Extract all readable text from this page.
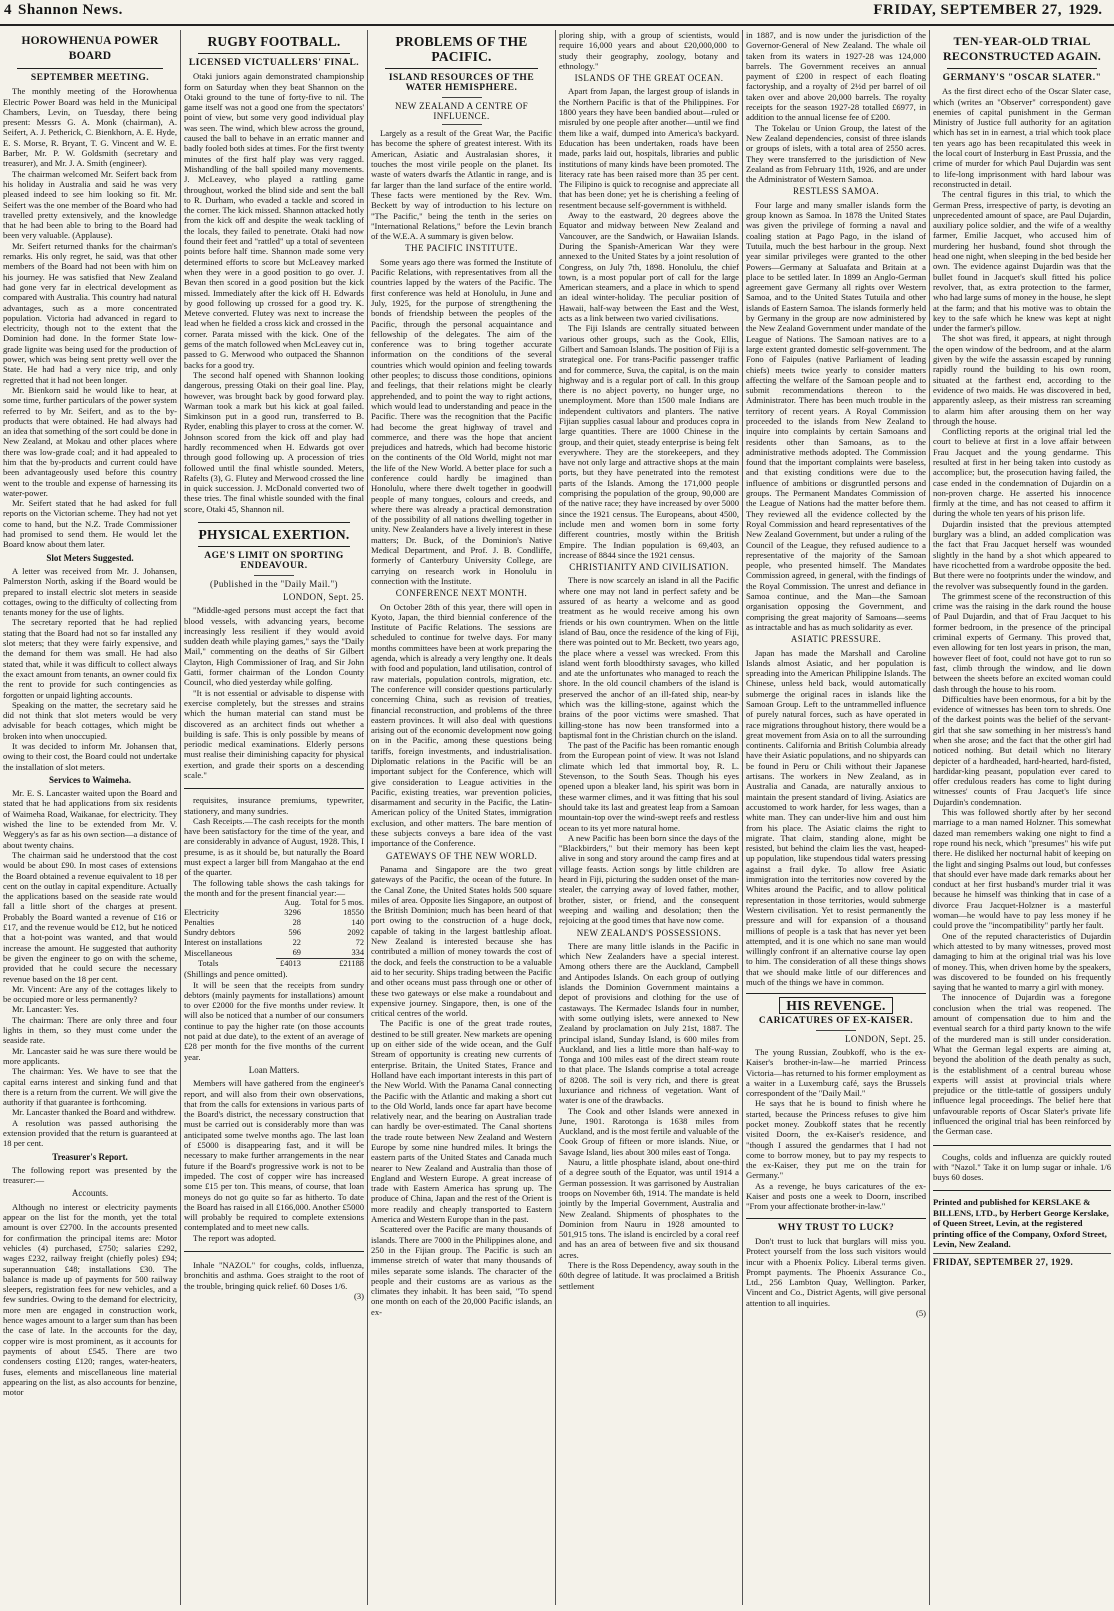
4 Shannon News.	FRIDAY, SEPTEMBER 27, 1929.
HOROWHENUA POWER BOARD
SEPTEMBER MEETING.

The monthly meeting of the Horowhenua Electric Power Board was held in the Municipal Chambers, Levin, on Tuesday, there being present: Messrs G. A. Monk (chairman), A. Seifert, A. J. Petherick, C. Bienkhorn, A. E. Hyde, E. S. Morse, R. Bryant, T. G. Vincent and W. E. Barber, Mr. P. W. Goldsmith (secretary and treasurer), and Mr. J. A. Smith (engineer).

The chairman welcomed Mr. Seifert back from his holiday in Australia and said he was very pleased indeed to see him looking so fit. Mr. Seifert was the one member of the Board who had travelled pretty extensively, and the knowledge that he had been able to bring to the Board had been very valuable. (Applause).

Mr. Seifert returned thanks for the chairman's remarks. His only regret, he said, was that other members of the Board had not been with him on his journey. He was satisfied that New Zealand had gone very far in electrical development as compared with Australia. This country had natural advantages, such as a more concentrated population. Victoria had advanced in regard to electricity, though not to the extent that the Dominion had done. In the former State low-grade lignite was being used for the production of power, which was being sent pretty well over the State. He had had a very nice trip, and only regretted that it had not been longer.

Mr. Bienkorn said he would like to hear, at some time, further particulars of the power system referred to by Mr. Seifert, and as to the by-products that were obtained. He had always had an idea that something of the sort could be done in New Zealand, at Mokau and other places where there was low-grade coal; and it had appealed to him that the by-products and current could have been advantageously used before this country went to the trouble and expense of harnessing its water-power.

Mr. Seifert stated that he had asked for full reports on the Victorian scheme. They had not yet come to hand, but the N.Z. Trade Commissioner had promised to send them. He would let the Board know about them later.

Slot Meters Suggested.

A letter was received from Mr. J. Johansen, Palmerston North, asking if the Board would be prepared to install electric slot meters in seaside cottages, owing to the difficulty of collecting from tenants money for the use of lights.

The secretary reported that he had replied stating that the Board had not so far installed any slot meters; that they were fairly expensive, and the demand for them was small. He had also stated that, while it was difficult to collect always the exact amount from tenants, an owner could fix the rent to provide for such contingencies as forgotten or unpaid lighting accounts.

Speaking on the matter, the secretary said he did not think that slot meters would be very advisable for beach cottages, which might be broken into when unoccupied.

It was decided to inform Mr. Johansen that, owing to their cost, the Board could not undertake the installation of slot meters.

Services to Waimeha.

Mr. E. S. Lancaster waited upon the Board and stated that he had applications from six residents of Waimeha Road, Waikanae, for electricity. They wished the line to be extended from Mr. V. Weggery's as far as his own section—a distance of about twenty chains.

The chairman said he understood that the cost would be about £90. In most cases of extensions the Board obtained a revenue equivalent to 18 per cent on the outlay in capital expenditure. Actually the applications based on the seaside rate would fall a little short of the charges at present. Probably the Board wanted a revenue of £16 or £17, and the revenue would be £12, but he noticed that a hot-point was wanted, and that would increase the amount. He suggested that authority be given the engineer to go on with the scheme, provided that he could secure the necessary revenue based on the 18 per cent.

Mr. Vincent: Are any of the cottages likely to be occupied more or less permanently?

Mr. Lancaster: Yes.

The chairman: There are only three and four lights in them, so they must come under the seaside rate.

Mr. Lancaster said he was sure there would be more applicants.

The chairman: Yes. We have to see that the capital earns interest and sinking fund and that there is a return from the current. We will give the authority if that guarantee is forthcoming.

Mr. Lancaster thanked the Board and withdrew.

A resolution was passed authorising the extension provided that the return is guaranteed at 18 per cent.

Treasurer's Report.

The following report was presented by the treasurer:—

Accounts.

Although no interest or electricity payments appear on the list for the month, yet the total amount is over £2700. In the accounts presented for confirmation the principal items are: Motor vehicles (4) purchased, £750; salaries £292, wages £232, railway freight (chiefly poles) £94; superannuation £48; installations £30. The balance is made up of payments for 500 railway sleepers, registration fees for new vehicles, and a few sundries. Owing to the demand for electricity, more men are engaged in construction work, hence wages amount to a larger sum than has been the case of late. In the accounts for the day, copper wire is most prominent, as it accounts for payments of about £545. There are two condensers costing £120; ranges, water-heaters, fuses, elements and miscellaneous line material appearing on the list, as also accounts for benzine, motor

RUGBY FOOTBALL.
LICENSED VICTUALLERS' FINAL.

Otaki juniors again demonstrated championship form on Saturday when they beat Shannon on the Otaki ground to the tune of forty-five to nil. The game itself was not a good one from the spectators' point of view, but some very good individual play was seen. The wind, which blew across the ground, caused the ball to behave in an erratic manner and badly fooled both sides at times. For the first twenty minutes of the first half play was very ragged. Mishandling of the ball spoiled many movements. J. McLeavey, who played a rattling game throughout, worked the blind side and sent the ball to R. Durham, who evaded a tackle and scored in the corner. The kick missed. Shannon attacked hotly from the kick off and despite the weak tackling of the locals, they failed to penetrate. Otaki had now found their feet and "rattled" up a total of seventeen points before half time. Shannon made some very determined efforts to score but McLeavey marked when they were in a good position to go over. J. Bevan then scored in a good position but the kick missed. Immediately after the kick off H. Edwards by good following up crossed for a good try. K. Meteve converted. Flutey was next to increase the lead when he fielded a cross kick and crossed in the corner. Parata missed with the kick. One of the gems of the match followed when McLeavey cut in, passed to G. Merwood who outpaced the Shannon backs for a good try.

The second half opened with Shannon looking dangerous, pressing Otaki on their goal line. Play, however, was brought back by good forward play. Warman took a mark but his kick at goal failed. Simkinson put in a good run, transferred to B. Ryder, enabling this player to cross at the corner. W. Johnson scored from the kick off and play had hardly recommenced when H. Edwards got over through good following up. A procession of tries followed until the final whistle sounded. Meters, Rafelts (3), G. Flutey and Merwood crossed the line in quick succession. J. McDonald converted two of these tries. The final whistle sounded with the final score, Otaki 45, Shannon nil.

PHYSICAL EXERTION.
AGE'S LIMIT ON SPORTING ENDEAVOUR.
(Published in the "Daily Mail.")
LONDON, Sept. 25.

"Middle-aged persons must accept the fact that blood vessels, with advancing years, become increasingly less resilient if they would avoid sudden death while playing games," says the "Daily Mail," commenting on the deaths of Sir Gilbert Clayton, High Commissioner of Iraq, and Sir John Gatti, former chairman of the London County Council, who died yesterday while golfing.

"It is not essential or advisable to dispense with exercise completely, but the stresses and strains which the human material can stand must be discovered as an architect finds out whether a building is safe. This is only possible by means of periodic medical examinations. Elderly persons must realise their diminishing capacity for physical exertion, and grade their sports on a descending scale."

requisites, insurance premiums, typewriter, stationery, and many sundries.

Cash Receipts.—The cash receipts for the month have been satisfactory for the time of the year, and are considerably in advance of August, 1928. This, I presume, is as it should be, but naturally the Board must expect a larger bill from Mangahao at the end of the quarter.

The following table shows the cash takings for the month and for the present financial year:—

	Aug.	Total for 5 mos.
Electricity	3296	18550
Penalties	28	140
Sundry debtors	596	2092
Interest on installations	22	72
Miscellaneous	69	334
Totals	£4013	£21188
(Shillings and pence omitted).

It will be seen that the receipts from sundry debtors (mainly payments for installations) amount to over £2000 for the five months under review. It will also be noticed that a number of our consumers continue to pay the higher rate (on those accounts not paid at due date), to the extent of an average of £28 per month for the five months of the current year.

Loan Matters.

Members will have gathered from the engineer's report, and will also from their own observations, that from the calls for extensions in various parts of the Board's district, the necessary construction that must be carried out is considerably more than was anticipated some twelve months ago. The last loan of £5000 is disappearing fast, and it will be necessary to make further arrangements in the near future if the Board's progressive work is not to be impeded. The cost of copper wire has increased some £15 per ton. This means, of course, that loan moneys do not go quite so far as hitherto. To date the Board has raised in all £166,000. Another £5000 will probably be required to complete extensions contemplated and to meet new calls.

The report was adopted.

Inhale "NAZOL" for coughs, colds, influenza, bronchitis and asthma. Goes straight to the root of the trouble, bringing quick relief. 60 Doses 1/6.

(3)
PROBLEMS OF THE PACIFIC.
ISLAND RESOURCES OF THE WATER HEMISPHERE.
NEW ZEALAND A CENTRE OF INFLUENCE.

Largely as a result of the Great War, the Pacific has become the sphere of greatest interest. With its American, Asiatic and Australasian shores, it touches the most virile people on the planet. Its waste of waters dwarfs the Atlantic in range, and is far larger than the land surface of the entire world. These facts were mentioned by the Rev. Wm. Beckett by way of introduction to his lecture on "The Pacific," being the tenth in the series on "International Relations," before the Levin branch of the W.E.A. A summary is given below.

THE PACIFIC INSTITUTE.

Some years ago there was formed the Institute of Pacific Relations, with representatives from all the countries lapped by the waters of the Pacific. The first conference was held at Honolulu, in June and July, 1925, for the purpose of strengthening the bonds of friendship between the peoples of the Pacific, through the personal acquaintance and fellowship of the delegates. The aim of the conference was to bring together accurate information on the conditions of the several countries which would opinion and feeling towards other peoples; to discuss those conditions, opinions and feelings, that their relations might be clearly apprehended, and to point the way to right actions, which would lead to understanding and peace in the Pacific. There was the recognition that the Pacific had become the great highway of travel and commerce, and there was the hope that ancient prejudices and hatreds, which had become historic on the continents of the Old World, might not mar the life of the New World. A better place for such a conference could hardly be imagined than Honolulu, where there dwelt together in goodwill people of many tongues, colours and creeds, and where there was already a practical demonstration of the possibility of all nations dwelling together in unity. New Zealanders have a lively interest in these matters; Dr. Buck, of the Dominion's Native Medical Department, and Prof. J. B. Condliffe, formerly of Canterbury University College, are carrying on research work in Honolulu in connection with the Institute.

CONFERENCE NEXT MONTH.

On October 28th of this year, there will open in Kyoto, Japan, the third biennial conference of the Institute of Pacific Relations. The sessions are scheduled to continue for twelve days. For many months committees have been at work preparing the agenda, which is already a very lengthy one. It deals with food and population, land utilisation, control of raw materials, population controls, migration, etc. The conference will consider questions particularly concerning China, such as revision of treaties, financial reconstruction, and problems of the three eastern provinces. It will also deal with questions arising out of the economic development now going on in the Pacific, among these questions being tariffs, foreign investments, and industrialisation. Diplomatic relations in the Pacific will be an important subject for the Conference, which will give consideration to League activities in the Pacific, existing treaties, war prevention policies, disarmament and security in the Pacific, the Latin-American policy of the United States, immigration exclusion, and other matters. The bare mention of these subjects conveys a bare idea of the vast importance of the Conference.

GATEWAYS OF THE NEW WORLD.

Panama and Singapore are the two great gateways of the Pacific, the ocean of the future. In the Canal Zone, the United States holds 500 square miles of area. Opposite lies Singapore, an outpost of the British Dominion; much has been heard of that port owing to the construction of a huge dock, capable of taking in the largest battleship afloat. New Zealand is interested because she has contributed a million of money towards the cost of the dock, and feels the construction to be a valuable aid to her security. Ships trading between the Pacific and other oceans must pass through one or other of these two gateways or else make a roundabout and expensive journey. Singapore, then, is one of the critical centres of the world.

The Pacific is one of the great trade routes, destined to be still greater. New markets are opening up on either side of the wide ocean, and the Gulf Stream of opportunity is creating new currents of enterprise. Britain, the United States, France and Holland have each important interests in this part of the New World. With the Panama Canal connecting the Pacific with the Atlantic and making a short cut to the Old World, lands once far apart have become relatively near, and the bearing on Australian trade can hardly be over-estimated. The Canal shortens the trade route between New Zealand and Western Europe by some nine hundred miles. It brings the eastern parts of the United States and Canada much nearer to New Zealand and Australia than those of England and Western Europe. A great increase of trade with Eastern America has sprung up. The produce of China, Japan and the rest of the Orient is more readily and cheaply transported to Eastern America and Western Europe than in the past.

Scattered over the Pacific are many thousands of islands. There are 7000 in the Philippines alone, and 250 in the Fijian group. The Pacific is such an immense stretch of water that many thousands of miles separate some islands. The character of the people and their customs are as various as the climates they inhabit. It has been said, "To spend one month on each of the 20,000 Pacific islands, an ex-

ploring ship, with a group of scientists, would require 16,000 years and about £20,000,000 to study their geography, zoology, botany and ethnology."

ISLANDS OF THE GREAT OCEAN.

Apart from Japan, the largest group of islands in the Northern Pacific is that of the Philippines. For 1800 years they have been bandied about—ruled or misruled by one people after another—until we find them like a waif, dumped into America's backyard. Education has been undertaken, roads have been made, parks laid out, hospitals, libraries and public institutions of many kinds have been promoted. The literacy rate has been raised more than 35 per cent. The Filipino is quick to recognise and appreciate all that has been done; yet he is cherishing a feeling of resentment because self-government is withheld.

Away to the eastward, 20 degrees above the Equator and midway between New Zealand and Vancouver, are the Sandwich, or Hawaiian Islands. During the Spanish-American War they were annexed to the United States by a joint resolution of Congress, on July 7th, 1898. Honolulu, the chief town, is a most popular port of call for the large American steamers, and a place in which to spend an ideal winter-holiday. The peculiar position of Hawaii, half-way between the East and the West, acts as a link between two varied civilisations.

The Fiji Islands are centrally situated between various other groups, such as the Cook, Ellis, Gilbert and Samoan Islands. The position of Fiji is a strategical one. For trans-Pacific passenger traffic and for commerce, Suva, the capital, is on the main highway and is a regular port of call. In this group there is no abject poverty, no hunger urge, no unemployment. More than 1500 male Indians are independent cultivators and planters. The native Fijian supplies casual labour and produces copra in large quantities. There are 1000 Chinese in the group, and their quiet, steady enterprise is being felt everywhere. They are the storekeepers, and they have not only large and attractive shops at the main ports, but they have penetrated into the remotest parts of the Islands. Among the 171,000 people comprising the population of the group, 90,000 are of the native race; they have increased by over 5000 since the 1921 census. The Europeans, about 4500, include men and women born in some forty different countries, mostly within the British Empire. The Indian population is 69,403, an increase of 8844 since the 1921 census.

CHRISTIANITY AND CIVILISATION.

There is now scarcely an island in all the Pacific where one may not land in perfect safety and be assured of as hearty a welcome and as good treatment as he would receive among his own friends or his own countrymen. When on the little island of Bau, once the residence of the king of Fiji, there was pointed out to Mr. Beckett, two years ago, the place where a vessel was wrecked. From this island went forth bloodthirsty savages, who killed and ate the unfortunates who managed to reach the shore. In the old council chambers of the island is preserved the anchor of an ill-fated ship, near-by which was the killing-stone, against which the brains of the poor victims were smashed. That killing-stone has now been transformed into a baptismal font in the Christian church on the island.

The past of the Pacific has been romantic enough from the European point of view. It was not Island climate which led that immortal boy, R. L. Stevenson, to the South Seas. Though his eyes opened upon a bleaker land, his spirit was born in these warmer climes, and it was fitting that his soul should take its last and greatest leap from a Samoan mountain-top over the wind-swept reefs and restless ocean to its yet more natural home.

A new Pacific has been born since the days of the "Blackbirders," but their memory has been kept alive in song and story around the camp fires and at village feasts. Action songs by little children are heard in Fiji, picturing the sudden onset of the man-stealer, the carrying away of loved father, mother, brother, sister, or friend, and the consequent weeping and wailing and desolation; then the rejoicing at the good times that have now come.

NEW ZEALAND'S POSSESSIONS.

There are many little islands in the Pacific in which New Zealanders have a special interest. Among others there are the Auckland, Campbell and Antipodes Islands. On each group of outlying islands the Dominion Government maintains a depot of provisions and clothing for the use of castaways. The Kermadec Islands four in number, with some outlying islets, were annexed to New Zealand by proclamation on July 21st, 1887. The principal island, Sunday Island, is 600 miles from Auckland, and lies a little more than half-way to Tonga and 100 miles east of the direct steam route to that place. The Islands comprise a total acreage of 8208. The soil is very rich, and there is great luxuriance and richness of vegetation. Want of water is one of the drawbacks.

The Cook and other Islands were annexed in June, 1901. Rarotonga is 1638 miles from Auckland, and is the most fertile and valuable of the Cook Group of fifteen or more islands. Niue, or Savage Island, lies about 300 miles east of Tonga.

Nauru, a little phosphate island, about one-third of a degree south of the Equator, was until 1914 a German possession. It was garrisoned by Australian troops on November 6th, 1914. The mandate is held jointly by the Imperial Government, Australia and New Zealand. Shipments of phosphates to the Dominion from Nauru in 1928 amounted to 501,915 tons. The island is encircled by a coral reef and has an area of between five and six thousand acres.

There is the Ross Dependency, away south in the 60th degree of latitude. It was proclaimed a British settlement

in 1887, and is now under the jurisdiction of the Governor-General of New Zealand. The whale oil taken from its waters in 1927-28 was 124,000 barrels. The Government receives an annual payment of £200 in respect of each floating factoryship, and a royalty of 2½d per barrel of oil taken over and above 20,000 barrels. The royalty receipts for the season 1927-28 totalled £6977, in addition to the annual license fee of £200.

The Tokelau or Union Group, the latest of the New Zealand dependencies, consist of three islands or groups of islets, with a total area of 2550 acres. They were transferred to the jurisdiction of New Zealand as from February 11th, 1926, and are under the Administrator of Western Samoa.

RESTLESS SAMOA.

Four large and many smaller islands form the group known as Samoa. In 1878 the United States was given the privilege of forming a naval and coaling station at Pago Pago, in the island of Tutuila, much the best harbour in the group. Next year similar privileges were granted to the other Powers—Germany at Saluafata and Britain at a place to be settled later. In 1899 an Anglo-German agreement gave Germany all rights over Western Samoa, and to the United States Tutuila and other islands of Eastern Samoa. The islands formerly held by Germany in the group are now administered by the New Zealand Government under mandate of the League of Nations. The Samoan natives are to a large extent granted domestic self-government. The Fono of Faipules (native Parliament of leading chiefs) meets twice yearly to consider matters affecting the welfare of the Samoan people and to submit recommendations thereon to the Administrator. There has been much trouble in the territory of recent years. A Royal Commission proceeded to the islands from New Zealand to inquire into complaints by certain Samoans and residents other than Samoans, as to the administrative methods adopted. The Commission found that the important complaints were baseless, and that existing conditions were due to the influence of ambitions or disgruntled persons and groups. The Permanent Mandates Commission of the League of Nations had the matter before them. They reviewed all the evidence collected by the Royal Commission and heard representatives of the New Zealand Government, but under a ruling of the Council of the League, they refused audience to a representative of the majority of the Samoan people, who presented himself. The Mandates Commission agreed, in general, with the findings of the Royal Commission. The unrest and defiance in Samoa continue, and the Man—the Samoan organisation opposing the Government, and comprising the great majority of Samoans—seems as intractable and has as much solidarity as ever.

ASIATIC PRESSURE.

Japan has made the Marshall and Caroline Islands almost Asiatic, and her population is spreading into the American Philippine Islands. The Chinese, unless held back, would automatically submerge the original races in islands like the Samoan Group. Left to the untrammelled influence of purely natural forces, such as have operated in race migrations throughout history, there would be a great movement from Asia on to all the surrounding continents. California and British Columbia already have their Asiatic populations, and no shipyards can be found in Peru or Chili without their Japanese artisans. The workers in New Zealand, as in Australia and Canada, are naturally anxious to maintain the present standard of living. Asiatics are accustomed to work harder, for less wages, than a white man. They can under-live him and oust him from his place. The Asiatic claims the right to migrate. That claim, standing alone, might be resisted, but behind the claim lies the vast, heaped-up population, like stupendous tidal waters pressing against a frail dyke. To allow free Asiatic immigration into the territories now covered by the Whites around the Pacific, and to allow political representation in those territories, would submerge Western civilisation. Yet to resist permanently the pressure and will for expansion of a thousand millions of people is a task that has never yet been attempted, and it is one which no sane man would willingly confront if an alternative course lay open to him. The consideration of all these things shows that we should make little of our differences and much of the things we have in common.

HIS REVENGE.
CARICATURES OF EX-KAISER.
LONDON, Sept. 25.

The young Russian, Zoubkoff, who is the ex-Kaiser's brother-in-law—he married Princess Victoria—has returned to his former employment as a waiter in a Luxemburg café, says the Brussels correspondent of the "Daily Mail."

He says that he is bound to finish where he started, because the Princess refuses to give him pocket money. Zoubkoff states that he recently visited Doorn, the ex-Kaiser's residence, and "though I assured the gendarmes that I had not come to borrow money, but to pay my respects to the ex-Kaiser, they put me on the train for Germany."

As a revenge, he buys caricatures of the ex-Kaiser and posts one a week to Doorn, inscribed "From your affectionate brother-in-law."

WHY TRUST TO LUCK?

Don't trust to luck that burglars will miss you. Protect yourself from the loss such visitors would incur with a Phoenix Policy. Liberal terms given. Prompt payments. The Phoenix Assurance Co., Ltd., 256 Lambton Quay, Wellington. Parker, Vincent and Co., District Agents, will give personal attention to all inquiries.

(5)
TEN-YEAR-OLD TRIAL RECONSTRUCTED AGAIN.
GERMANY'S "OSCAR SLATER."

As the first direct echo of the Oscar Slater case, which (writes an "Observer" correspondent) gave enemies of capital punishment in the German Ministry of Justice full authority for an agitation which has set in in earnest, a trial which took place ten years ago has been recapitulated this week in the local court of Insterburg in East Prussia, and the crime of murder for which Paul Dujardin was sent to life-long imprisonment with hard labour was reconstructed in detail.

The central figures in this trial, to which the German Press, irrespective of party, is devoting an unprecedented amount of space, are Paul Dujardin, auxiliary police soldier, and the wife of a wealthy farmer, Emilie Jacquet, who accused him of murdering her husband, found shot through the head one night, when sleeping in the bed beside her own. The evidence against Dujardin was that the bullet found in Jacquet's skull fitted his police revolver, that, as extra protection to the farmer, who had large sums of money in the house, he slept at the farm; and that his motive was to obtain the key to the safe which he knew was kept at night under the farmer's pillow.

The shot was fired, it appears, at night through the open window of the bedroom, and at the alarm given by the wife the assassin escaped by running rapidly round the building to his own room, situated at the farthest end, according to the evidence of two maids. He was discovered in bed, apparently asleep, as their mistress ran screaming to alarm him after arousing them on her way through the house.

Conflicting reports at the original trial led the court to believe at first in a love affair between Frau Jacquet and the young gendarme. This resulted at first in her being taken into custody as accomplice; but, the prosecution having failed, the case ended in the condemnation of Dujardin on a non-proven charge. He asserted his innocence firmly at the time, and has not ceased to affirm it during the whole ten years of his prison life.

Dujardin insisted that the previous attempted burglary was a blind, an added complication was the fact that Frau Jacquet herself was wounded slightly in the hand by a shot which appeared to have ricochetted from a wardrobe opposite the bed. But there were no footprints under the window, and the revolver was subsequently found in the garden.

The grimmest scene of the reconstruction of this crime was the raising in the dark round the house of Paul Dujardin, and that of Frau Jacquet to his former bedroom, in the presence of the principal criminal experts of Germany. This proved that, even allowing for ten lost years in prison, the man, however fleet of foot, could not have got to run so fast, climb through the window, and lie down between the sheets before an excited woman could dash through the house to his room.

Difficulties have been enormous, for a bit by the evidence of witnesses has been torn to shreds. One of the darkest points was the belief of the servant-girl that she saw something in her mistress's hand when she arose; and the fact that the other girl had noticed nothing. But detail which no literary depicter of a hardheaded, hard-hearted, hard-fisted, hardidar-king peasant, population ever cared to offer credulous readers has come to light during witnesses' counts of Frau Jacquet's life since Dujardin's condemnation.

This was followed shortly after by her second marriage to a man named Holzner. This somewhat dazed man remembers waking one night to find a rope round his neck, which "presumes" his wife put there. He disliked her nocturnal habit of keeping on the light and singing Psalms out loud, but confesses that should ever have made dark remarks about her conduct at her first husband's murder trial it was because he himself was thinking that in case of a divorce Frau Jacquet-Holzner is a masterful woman—he would have to pay less money if he could prove the "incompatibility" partly her fault.

One of the reputed characteristics of Dujardin which attested to by many witnesses, proved most damaging to him at the original trial was his love of money. This, when driven home by the speakers, was discovered to be founded on his frequently saying that he wanted to marry a girl with money.

The innocence of Dujardin was a foregone conclusion when the trial was reopened. The amount of compensation due to him and the eventual search for a third party known to the wife of the murdered man is still under consideration. What the German legal experts are aiming at, beyond the abolition of the death penalty as such, is the establishment of a central bureau whose experts will assist at provincial trials where prejudice or the tittle-tattle of gossipers unduly influence legal proceedings. The belief here that unfavourable reports of Oscar Slater's private life influenced the original trial has been reinforced by the German case.

Coughs, colds and influenza are quickly routed with "Nazol." Take it on lump sugar or inhale. 1/6 buys 60 doses.

Printed and published for KERSLAKE & BILLENS, LTD., by Herbert George Kerslake, of Queen Street, Levin, at the registered printing office of the Company, Oxford Street, Levin, New Zealand.
FRIDAY, SEPTEMBER 27, 1929.
